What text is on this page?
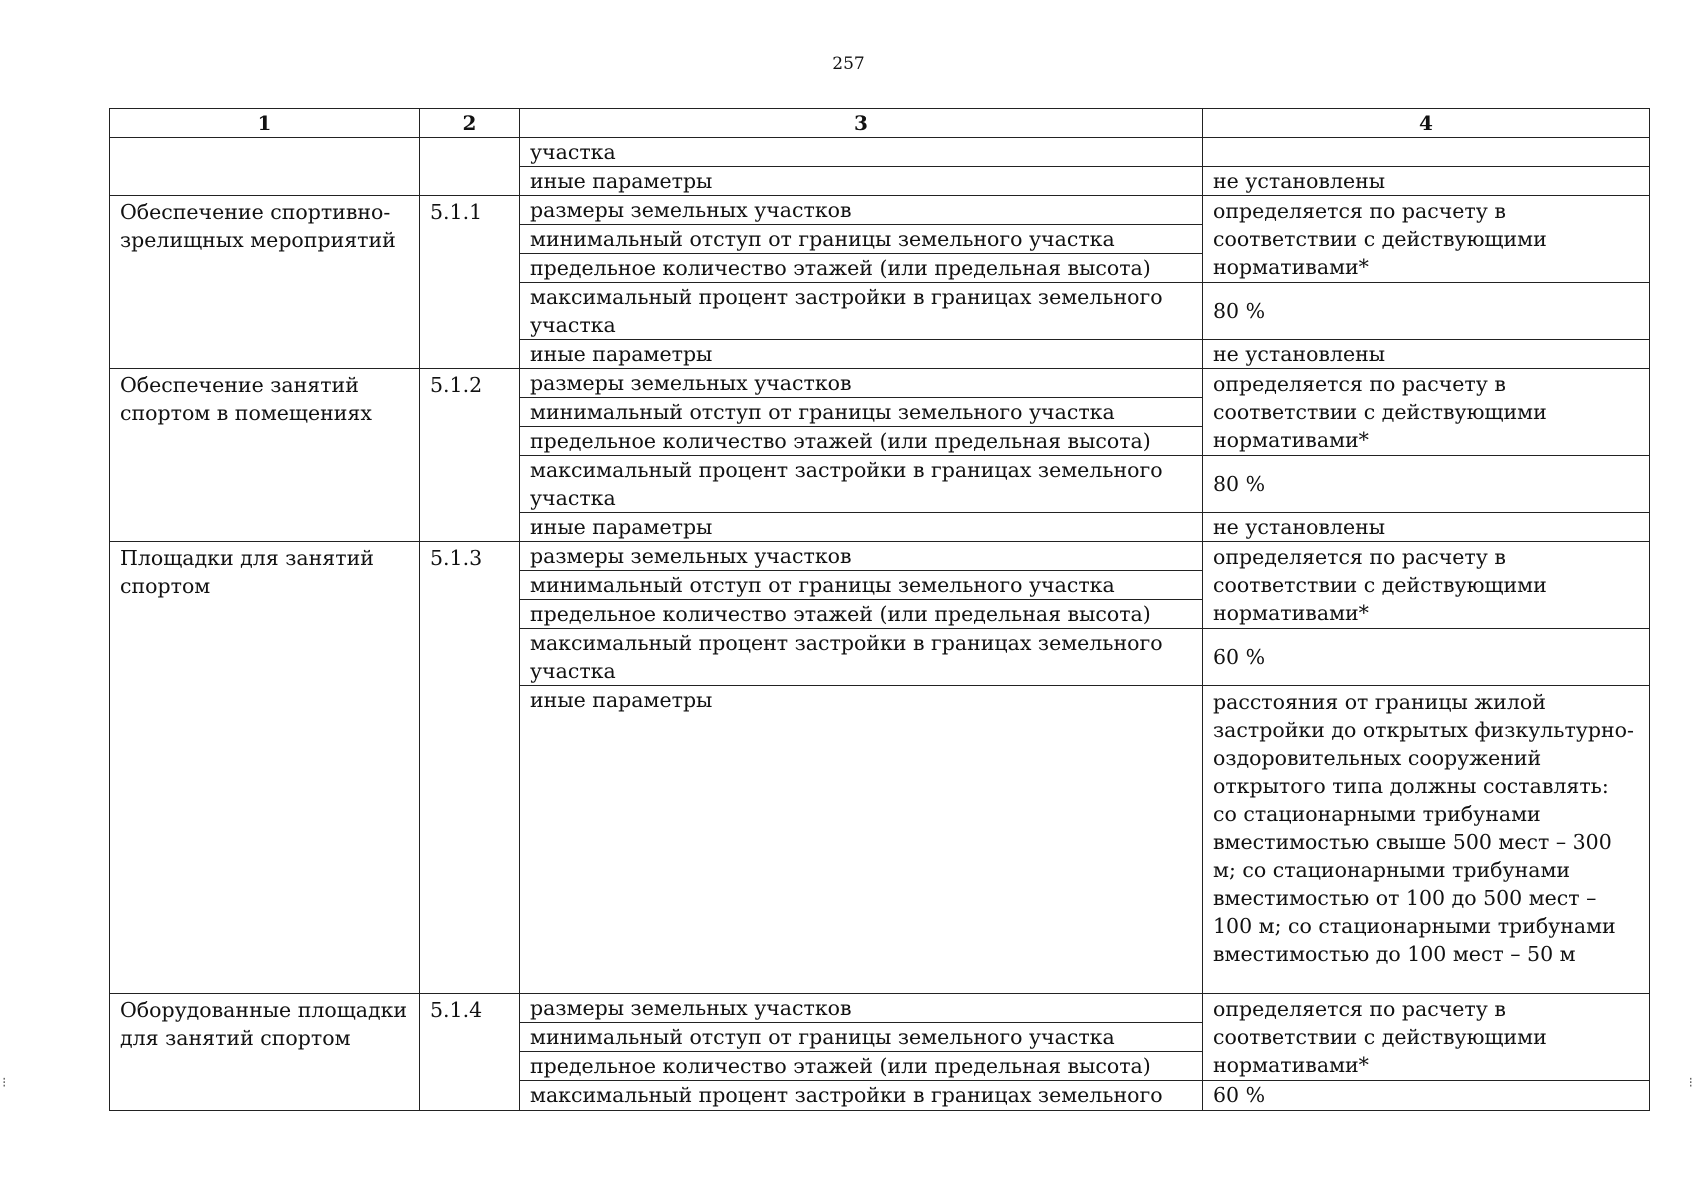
257
1	2	3	4
		участка	
		иные параметры	не установлены
Обеспечение спортивно-зрелищных мероприятий	5.1.1	размеры земельных участков	определяется по расчету в соответствии с действующими нормативами*
		минимальный отступ от границы земельного участка	
		предельное количество этажей (или предельная высота)	
		максимальный процент застройки в границах земельного участка	80 %
		иные параметры	не установлены
Обеспечение занятий спортом в помещениях	5.1.2	размеры земельных участков	определяется по расчету в соответствии с действующими нормативами*
		минимальный отступ от границы земельного участка	
		предельное количество этажей (или предельная высота)	
		максимальный процент застройки в границах земельного участка	80 %
		иные параметры	не установлены
Площадки для занятий спортом	5.1.3	размеры земельных участков	определяется по расчету в соответствии с действующими нормативами*
		минимальный отступ от границы земельного участка	
		предельное количество этажей (или предельная высота)	
		максимальный процент застройки в границах земельного участка	60 %
		иные параметры	расстояния от границы жилой застройки до открытых физкультурно-оздоровительных сооружений открытого типа должны составлять: со стационарными трибунами вместимостью свыше 500 мест – 300 м; со стационарными трибунами вместимостью от 100 до 500 мест – 100 м; со стационарными трибунами вместимостью до 100 мест – 50 м
Оборудованные площадки для занятий спортом	5.1.4	размеры земельных участков	определяется по расчету в соответствии с действующими нормативами*
		минимальный отступ от границы земельного участка	
		предельное количество этажей (или предельная высота)	
		максимальный процент застройки в границах земельного	60 %
⁝	⁝
